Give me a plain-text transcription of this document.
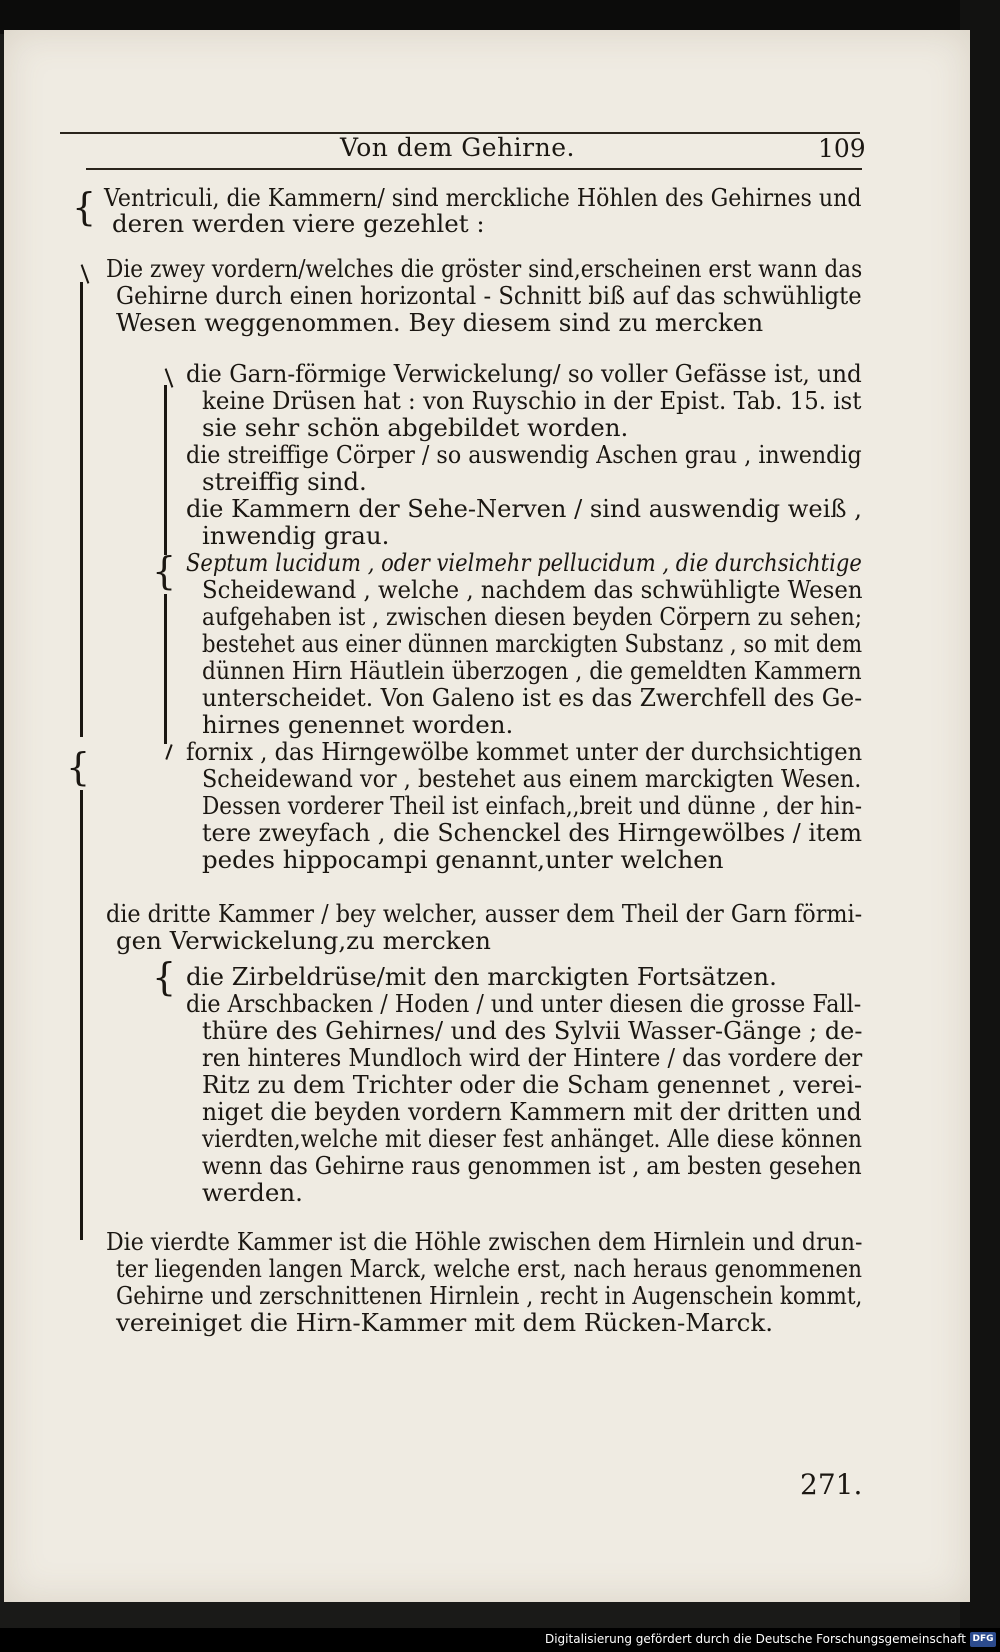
Von dem Gehirne.	109
{ Ventriculi, die Kammern/ sind merckliche Höhlen des Gehirnes und
deren werden viere gezehlet :
{
Die zwey vordern/welches die gröster sind,erscheinen erst wann das
Gehirne durch einen horizontal - Schnitt biß auf das schwühligte
Wesen weggenommen. Bey diesem sind zu mercken
{
die Garn-förmige Verwickelung/ so voller Gefässe ist, und
keine Drüsen hat : von Ruyschio in der Epist. Tab. 15. ist
sie sehr schön abgebildet worden.
die streiffige Cörper / so auswendig Aschen grau , inwendig
streiffig sind.
die Kammern der Sehe-Nerven / sind auswendig weiß ,
inwendig grau.
Septum lucidum , oder vielmehr pellucidum , die durchsichtige
Scheidewand , welche , nachdem das schwühligte Wesen
aufgehaben ist , zwischen diesen beyden Cörpern zu sehen;
bestehet aus einer dünnen marckigten Substanz , so mit dem
dünnen Hirn Häutlein überzogen , die gemeldten Kammern
unterscheidet. Von Galeno ist es das Zwerchfell des Ge-
hirnes genennet worden.
fornix , das Hirngewölbe kommet unter der durchsichtigen
Scheidewand vor , bestehet aus einem marckigten Wesen.
Dessen vorderer Theil ist einfach,,breit und dünne , der hin-
tere zweyfach , die Schenckel des Hirngewölbes / item
pedes hippocampi genannt,unter welchen
die dritte Kammer / bey welcher, ausser dem Theil der Garn förmi-
gen Verwickelung,zu mercken
{ die Zirbeldrüse/mit den marckigten Fortsätzen.
die Arschbacken / Hoden / und unter diesen die grosse Fall-
thüre des Gehirnes/ und des Sylvii Wasser-Gänge ; de-
ren hinteres Mundloch wird der Hintere / das vordere der
Ritz zu dem Trichter oder die Scham genennet , verei-
niget die beyden vordern Kammern mit der dritten und
vierdten,welche mit dieser fest anhänget. Alle diese können
wenn das Gehirne raus genommen ist , am besten gesehen
werden.
Die vierdte Kammer ist die Höhle zwischen dem Hirnlein und drun-
ter liegenden langen Marck, welche erst, nach heraus genommenen
Gehirne und zerschnittenen Hirnlein , recht in Augenschein kommt,
vereiniget die Hirn-Kammer mit dem Rücken-Marck.
271.
Digitalisierung gefördert durch die Deutsche Forschungsgemeinschaft DFG
